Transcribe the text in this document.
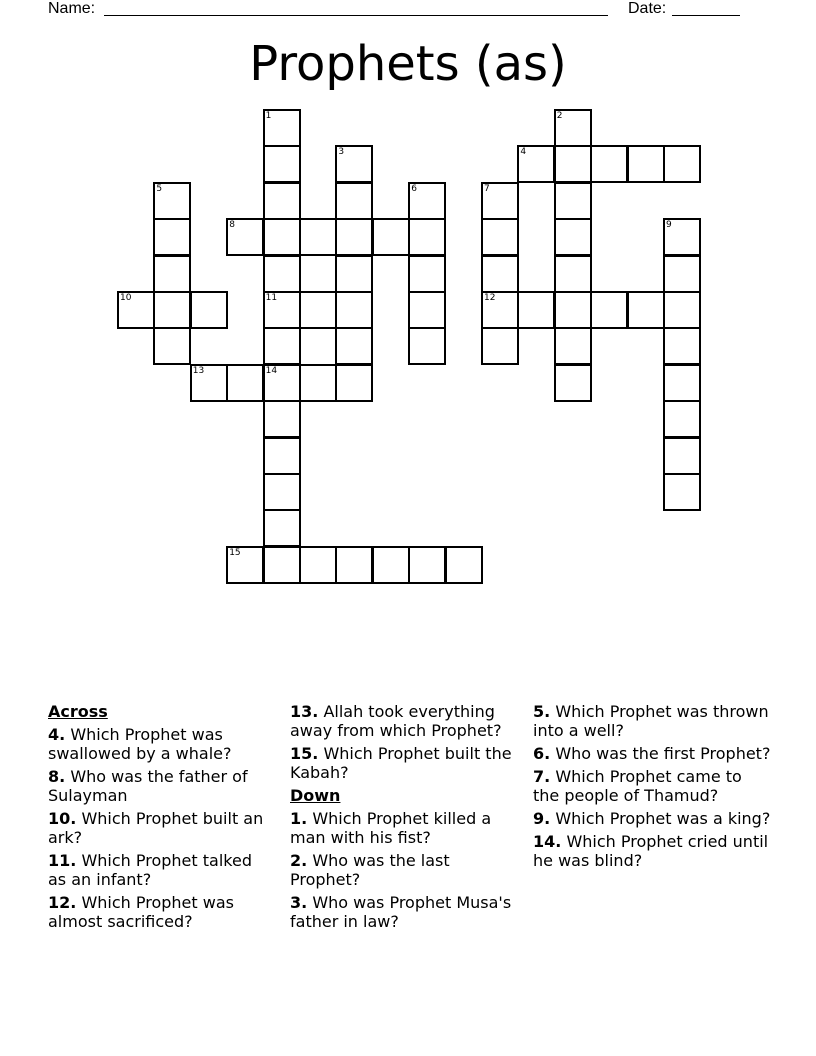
Name:	Date:
Prophets (as)
1
11
2
3	4
5	6	7
12
8	9
10
13	14
15
Across
4. Which Prophet was swallowed by a whale?
8. Who was the father of Sulayman
10. Which Prophet built an ark?
11. Which Prophet talked as an infant?
12. Which Prophet was almost sacrificed?
13. Allah took everything away from which Prophet?
15. Which Prophet built the Kabah?
Down
1. Which Prophet killed a man with his fist?
2. Who was the last Prophet?
3. Who was Prophet Musa's father in law?
5. Which Prophet was thrown into a well?
6. Who was the first Prophet?
7. Which Prophet came to the people of Thamud?
9. Which Prophet was a king?
14. Which Prophet cried until he was blind?
